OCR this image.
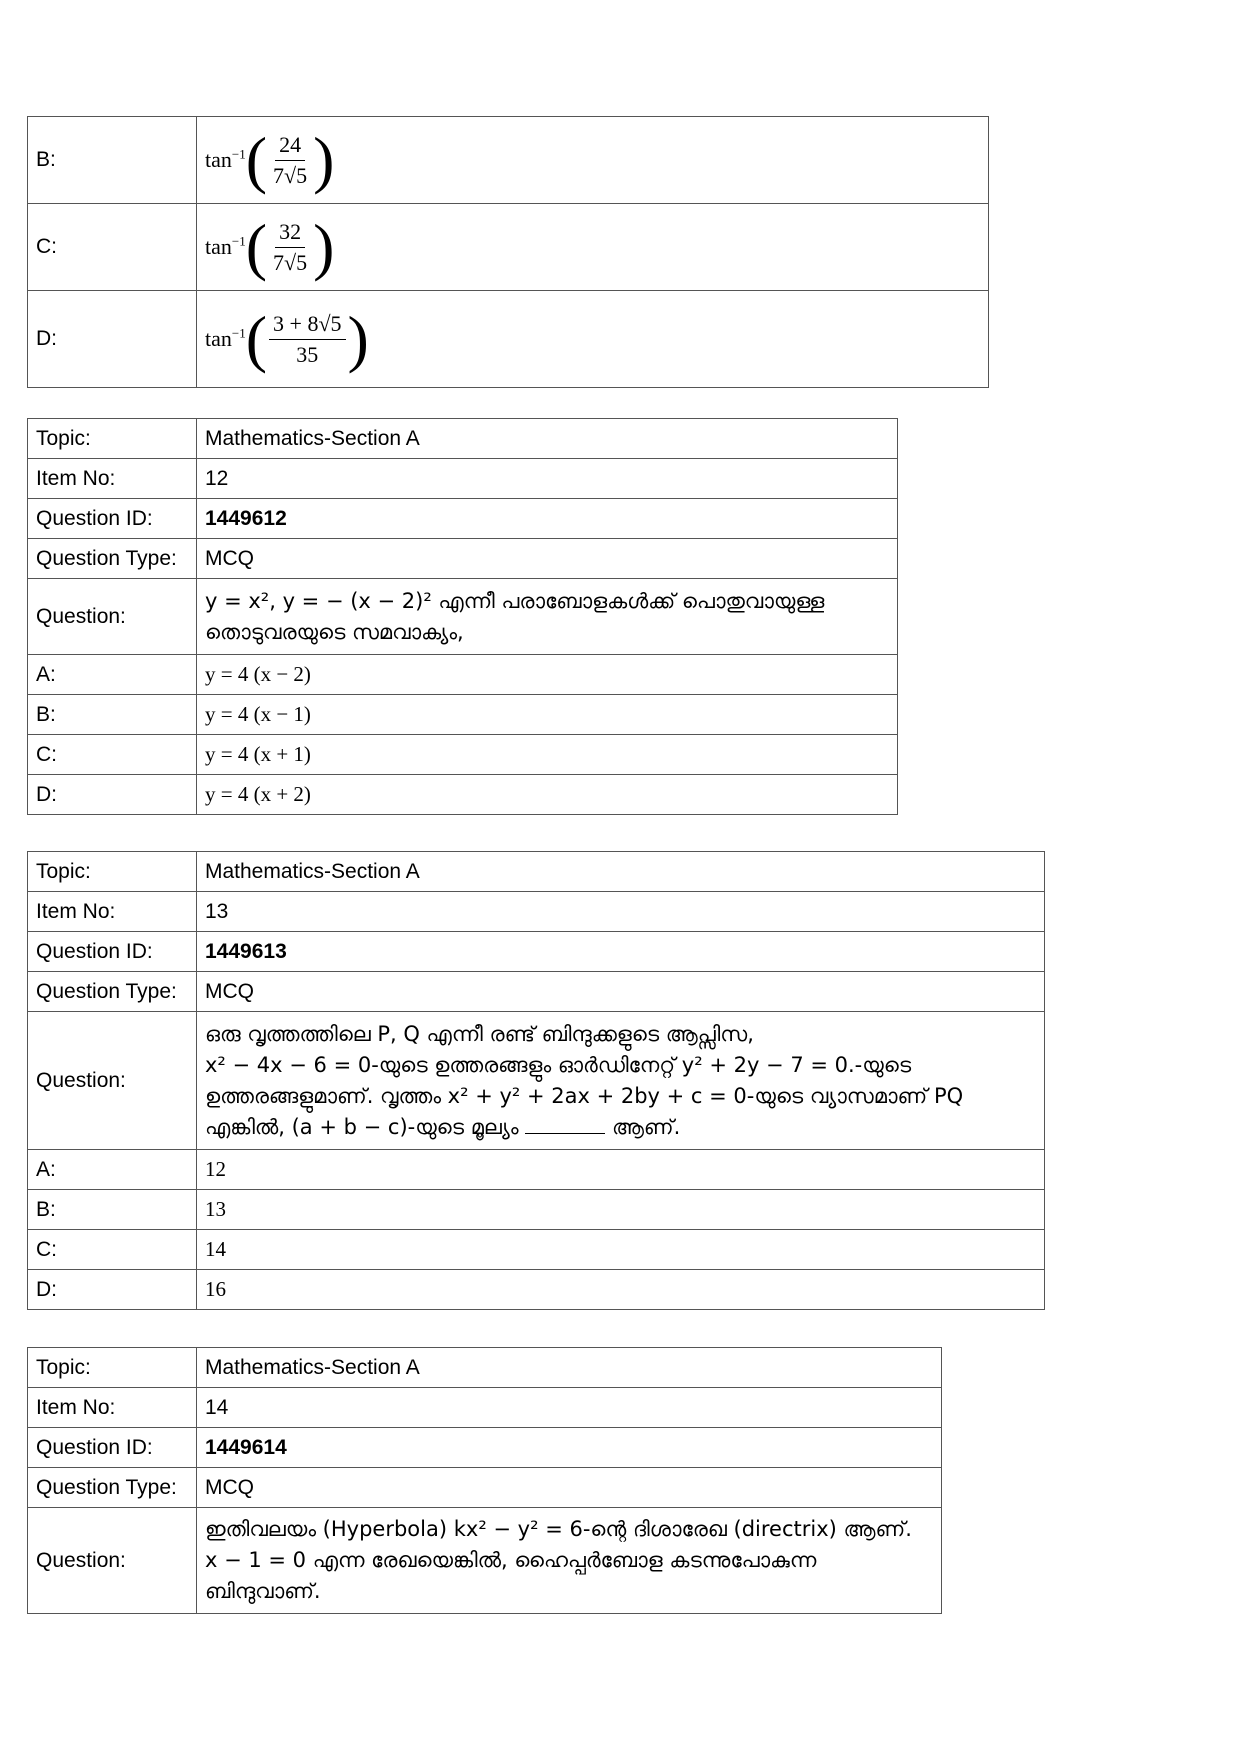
B:	$\tan^{-1}( \frac{24}{7√5}$ )
C:	$\tan^{-1}( \frac{32}{7√5}$ )
D:	$\tan^{-1}( \frac{3 + 8√5}{35}$ )
Topic:	Mathematics-Section A
Item No:	12
Question ID:	1449612
Question Type:	MCQ
Question:	y = x², y = − (x − 2)² എന്നീ പരാബോളകൾക്ക് പൊതുവായുള്ള
തൊടുവരയുടെ സമവാക്യം,

A:	y = 4 (x − 2)
B:	y = 4 (x − 1)
C:	y = 4 (x + 1)
D:	y = 4 (x + 2)
Topic:	Mathematics-Section A
Item No:	13
Question ID:	1449613
Question Type:	MCQ
Question:	ഒരു വൃത്തത്തിലെ P, Q എന്നീ രണ്ട് ബിന്ദുക്കളുടെ ആപ്സിസ,
x² − 4x − 6 = 0-യുടെ ഉത്തരങ്ങളും ഓർഡിനേറ്റ് y² + 2y − 7 = 0.-യുടെ
ഉത്തരങ്ങളുമാണ്. വൃത്തം x² + y² + 2ax + 2by + c = 0-യുടെ വ്യാസമാണ് PQ
എങ്കിൽ, (a + b − c)-യുടെ മൂല്യം ആണ്.

A:	12
B:	13
C:	14
D:	16
Topic:	Mathematics-Section A
Item No:	14
Question ID:	1449614
Question Type:	MCQ
Question:	ഇതിവലയം (Hyperbola) kx² − y² = 6-ന്റെ ദിശാരേഖ (directrix) ആണ്.
x − 1 = 0 എന്ന രേഖയെങ്കിൽ, ഹൈപ്പർബോള കടന്നുപോകുന്ന
ബിന്ദുവാണ്.
